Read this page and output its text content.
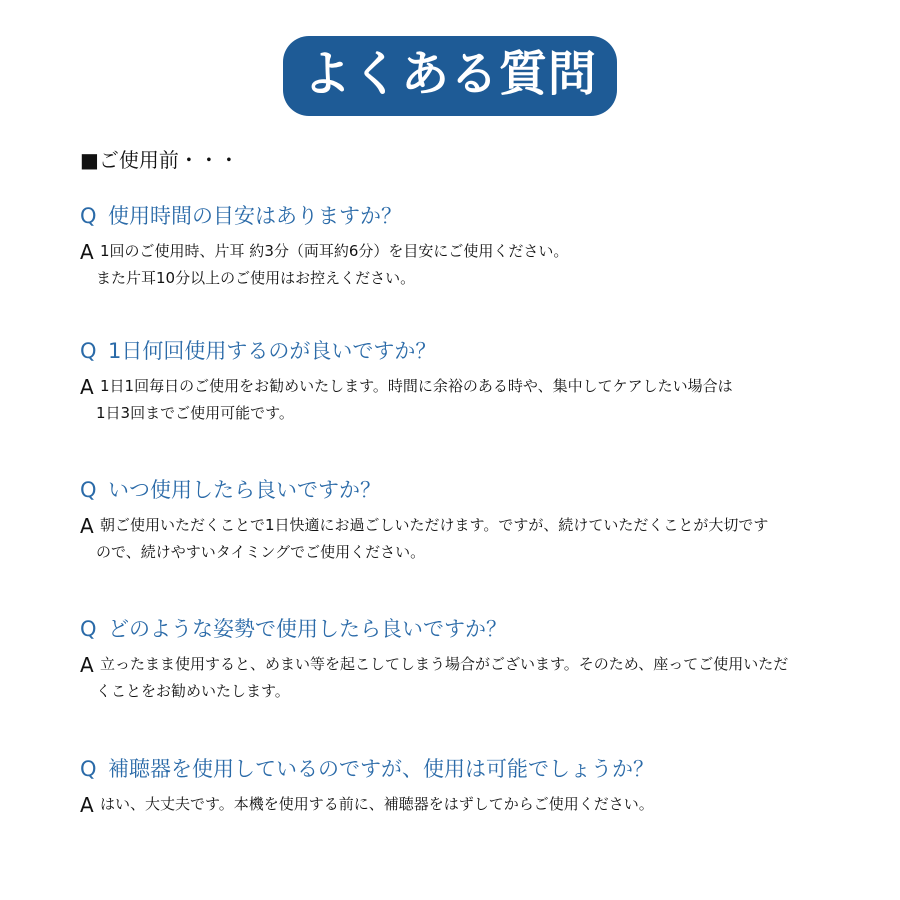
よくある質問
■ご使用前・・・
Q 使用時間の目安はありますか？
A 1回のご使用時、片耳 約3分（両耳約6分）を目安にご使用ください。
また片耳10分以上のご使用はお控えください。
Q 1日何回使用するのが良いですか？
A 1日1回毎日のご使用をお勧めいたします。時間に余裕のある時や、集中してケアしたい場合は
1日3回までご使用可能です。
Q いつ使用したら良いですか？
A 朝ご使用いただくことで1日快適にお過ごしいただけます。ですが、続けていただくことが大切です
ので、続けやすいタイミングでご使用ください。
Q どのような姿勢で使用したら良いですか？
A 立ったまま使用すると、めまい等を起こしてしまう場合がございます。そのため、座ってご使用いただ
くことをお勧めいたします。
Q 補聴器を使用しているのですが、使用は可能でしょうか？
A はい、大丈夫です。本機を使用する前に、補聴器をはずしてからご使用ください。
